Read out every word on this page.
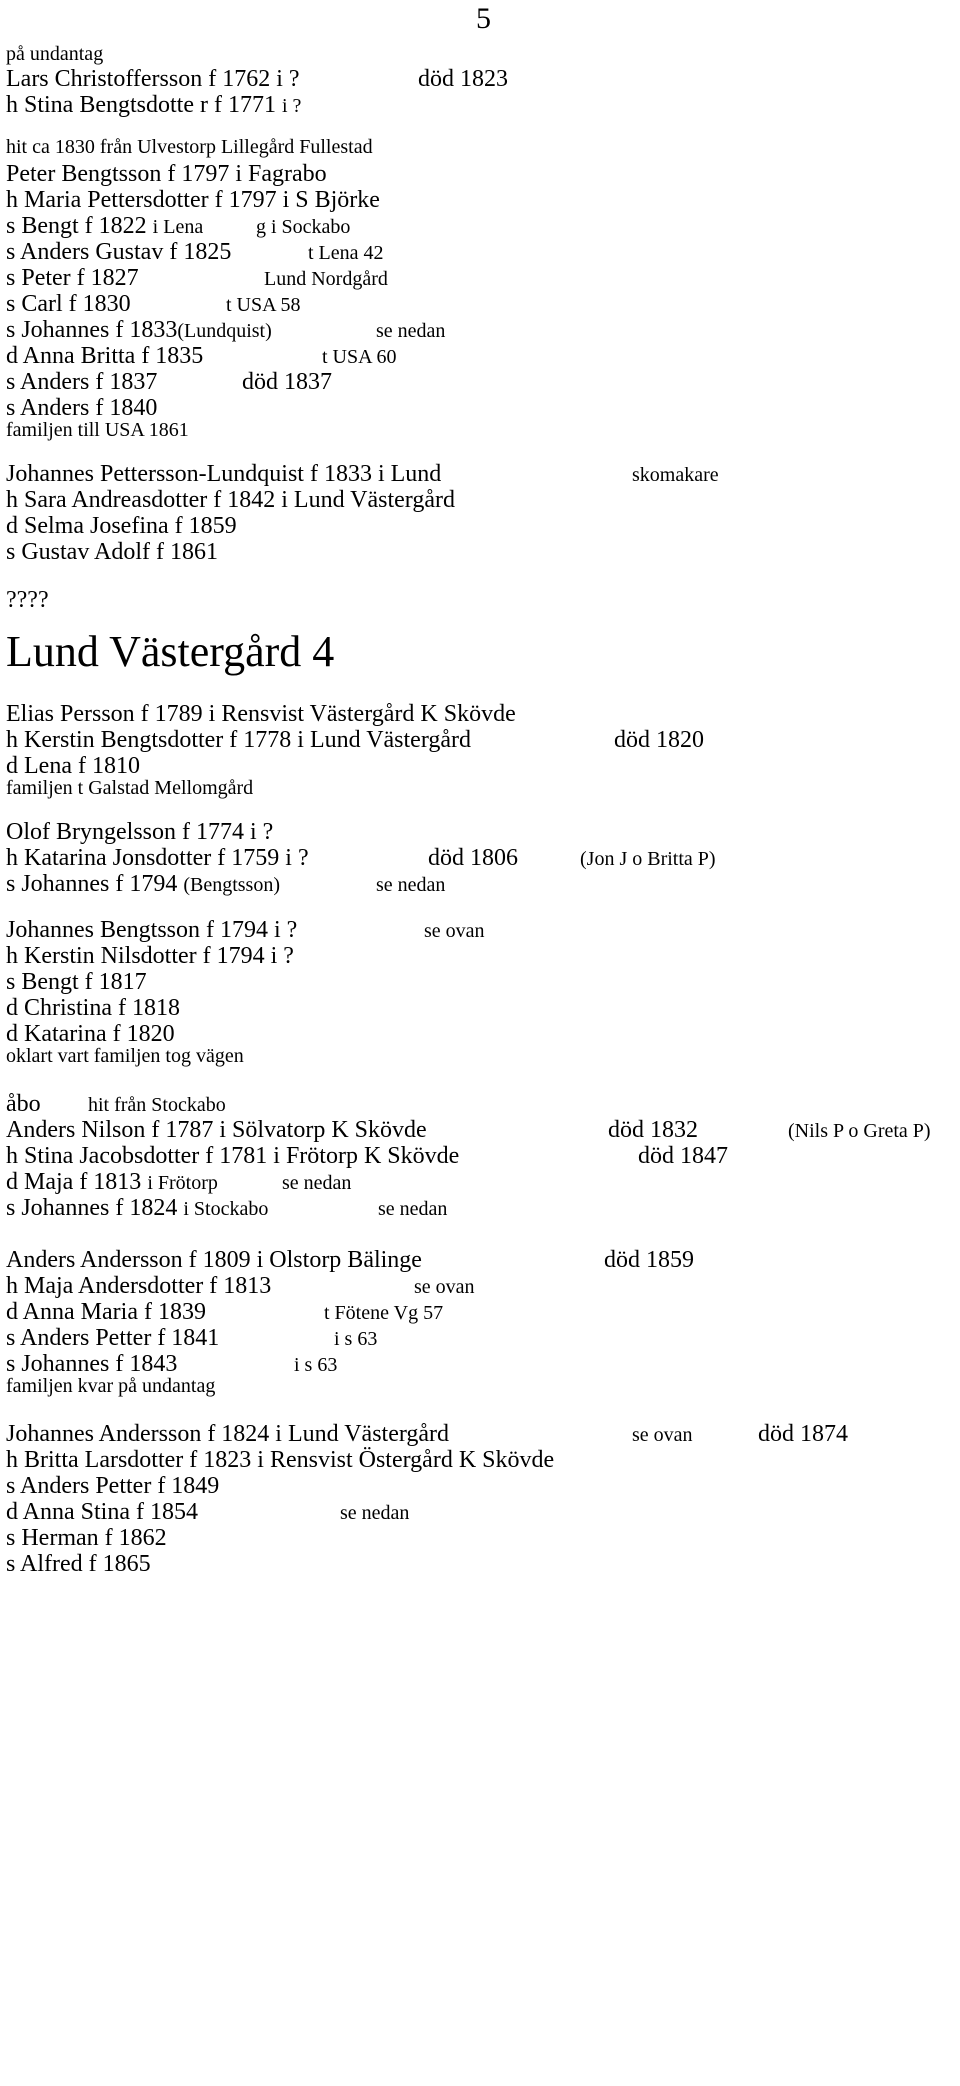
5
på undantag
Lars Christoffersson f 1762 i ?	död 1823
h Stina Bengtsdotte r f 1771 i ?
hit ca 1830 från Ulvestorp Lillegård Fullestad
Peter Bengtsson f 1797 i Fagrabo
h Maria Pettersdotter f 1797 i S Björke
s Bengt f 1822 i Lena	g i Sockabo
s Anders Gustav f 1825	t Lena 42
s Peter f 1827	Lund Nordgård
s Carl f 1830	t USA 58
s Johannes f 1833(Lundquist)	se nedan
d Anna Britta f 1835	t USA 60
s Anders f 1837	död 1837
s Anders f 1840
familjen till USA 1861
Johannes Pettersson-Lundquist f 1833 i Lund	skomakare
h Sara Andreasdotter f 1842 i Lund Västergård
d Selma Josefina f 1859
s Gustav Adolf f 1861
????
Lund Västergård 4
Elias Persson f 1789 i Rensvist Västergård K Skövde
h Kerstin Bengtsdotter f 1778 i Lund Västergård	död 1820
d Lena f 1810
familjen t Galstad Mellomgård
Olof Bryngelsson f 1774 i ?
h Katarina Jonsdotter f 1759 i ?	död 1806	(Jon J o Britta P)
s Johannes f 1794 (Bengtsson)	se nedan
Johannes Bengtsson f 1794 i ?	se ovan
h Kerstin Nilsdotter f 1794 i ?
s Bengt f 1817
d Christina f 1818
d Katarina f 1820
oklart vart familjen tog vägen
åbo hit från Stockabo
Anders Nilson f 1787 i Sölvatorp K Skövde	död 1832	(Nils P o Greta P)
h Stina Jacobsdotter f 1781 i Frötorp K Skövde	död 1847
d Maja f 1813 i Frötorp	se nedan
s Johannes f 1824 i Stockabo	se nedan
Anders Andersson f 1809 i Olstorp Bälinge	död 1859
h Maja Andersdotter f 1813	se ovan
d Anna Maria f 1839	t Fötene Vg 57
s Anders Petter f 1841	i s 63
s Johannes f 1843	i s 63
familjen kvar på undantag
Johannes Andersson f 1824 i Lund Västergård	se ovan	död 1874
h Britta Larsdotter f 1823 i Rensvist Östergård K Skövde
s Anders Petter f 1849
d Anna Stina f 1854	se nedan
s Herman f 1862
s Alfred f 1865
